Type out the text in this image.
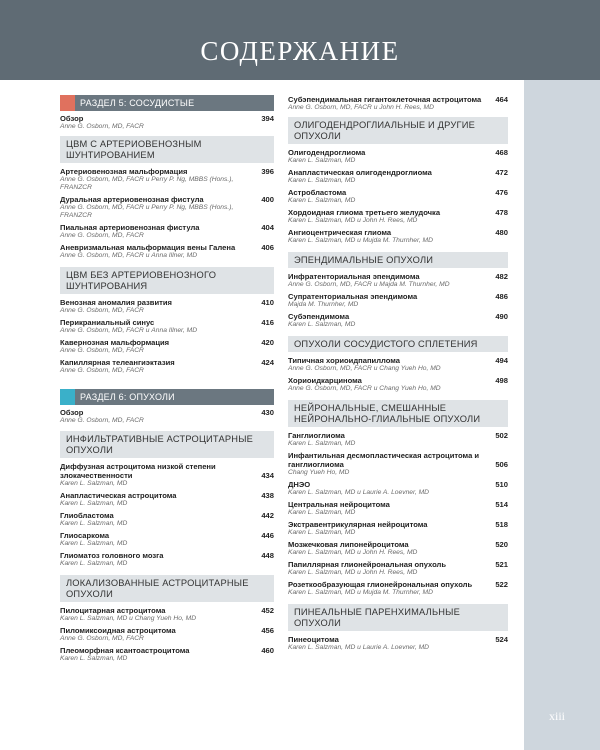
СОДЕРЖАНИЕ
xiii
РАЗДЕЛ 5: СОСУДИСТЫЕ МАЛЬФОРМАЦИИ
Обзор
Anne G. Osborn, MD, FACR
394
ЦВМ С АРТЕРИОВЕНОЗНЫМ ШУНТИРОВАНИЕМ
Артериовенозная мальформация
Anne G. Osborn, MD, FACR и Perry P. Ng, MBBS (Hons.), FRANZCR
396
Дуральная артериовенозная фистула
Anne G. Osborn, MD, FACR и Perry P. Ng, MBBS (Hons.), FRANZCR
400
Пиальная артериовенозная фистула
Anne G. Osborn, MD, FACR
404
Аневризмальная мальформация вены Галена
Anne G. Osborn, MD, FACR и Anna Illner, MD
406
ЦВМ БЕЗ АРТЕРИОВЕНОЗНОГО ШУНТИРОВАНИЯ
Венозная аномалия развития
Anne G. Osborn, MD, FACR
410
Перикраниальный синус
Anne G. Osborn, MD, FACR и Anna Illner, MD
416
Кавернозная мальформация
Anne G. Osborn, MD, FACR
420
Капиллярная телеангиэктазия
Anne G. Osborn, MD, FACR
424
РАЗДЕЛ 6: ОПУХОЛИ
Обзор
Anne G. Osborn, MD, FACR
430
ИНФИЛЬТРАТИВНЫЕ АСТРОЦИТАРНЫЕ ОПУХОЛИ
Диффузная астроцитома низкой степени злокачественности
Karen L. Salzman, MD
434
Анапластическая астроцитома
Karen L. Salzman, MD
438
Глиобластома
Karen L. Salzman, MD
442
Глиосаркома
Karen L. Salzman, MD
446
Глиоматоз головного мозга
Karen L. Salzman, MD
448
ЛОКАЛИЗОВАННЫЕ АСТРОЦИТАРНЫЕ ОПУХОЛИ
Пилоцитарная астроцитома
Karen L. Salzman, MD и Chang Yueh Ho, MD
452
Пиломиксоидная астроцитома
Anne G. Osborn, MD, FACR
456
Плеоморфная ксантоастроцитома
Karen L. Salzman, MD
460
Субэпендимальная гигантоклеточная астроцитома
Anne G. Osborn, MD, FACR и John H. Rees, MD
464
ОЛИГОДЕНДРОГЛИАЛЬНЫЕ И ДРУГИЕ ОПУХОЛИ
Олигодендроглиома
Karen L. Salzman, MD
468
Анапластическая олигодендроглиома
Karen L. Salzman, MD
472
Астробластома
Karen L. Salzman, MD
476
Хордоидная глиома третьего желудочка
Karen L. Salzman, MD и John H. Rees, MD
478
Ангиоцентрическая глиома
Karen L. Salzman, MD и Mujda M. Thurnher, MD
480
ЭПЕНДИМАЛЬНЫЕ ОПУХОЛИ
Инфратенториальная эпендимома
Anne G. Osborn, MD, FACR и Majda M. Thurnher, MD
482
Супратенториальная эпендимома
Majda M. Thurnher, MD
486
Субэпендимома
Karen L. Salzman, MD
490
ОПУХОЛИ СОСУДИСТОГО СПЛЕТЕНИЯ
Типичная хориоидпапиллома
Anne G. Osborn, MD, FACR и Chang Yueh Ho, MD
494
Хориоидкарцинома
Anne G. Osborn, MD, FACR и Chang Yueh Ho, MD
498
НЕЙРОНАЛЬНЫЕ, СМЕШАННЫЕ НЕЙРОНАЛЬНО-ГЛИАЛЬНЫЕ ОПУХОЛИ
Ганглиоглиома
Karen L. Salzman, MD
502
Инфантильная десмопластическая астроцитома и ганглиоглиома
Chang Yueh Ho, MD
506
ДНЭО
Karen L. Salzman, MD и Laurie A. Loevner, MD
510
Центральная нейроцитома
Karen L. Salzman, MD
514
Экстравентрикулярная нейроцитома
Karen L. Salzman, MD
518
Мозжечковая липонейроцитома
Karen L. Salzman, MD и John H. Rees, MD
520
Папиллярная глионейрональная опухоль
Karen L. Salzman, MD и John H. Rees, MD
521
Розеткообразующая глионейрональная опухоль
Karen L. Salzman, MD и Mujda M. Thurnher, MD
522
ПИНЕАЛЬНЫЕ ПАРЕНХИМАЛЬНЫЕ ОПУХОЛИ
Пинеоцитома
Karen L. Salzman, MD и Laurie A. Loevner, MD
524
